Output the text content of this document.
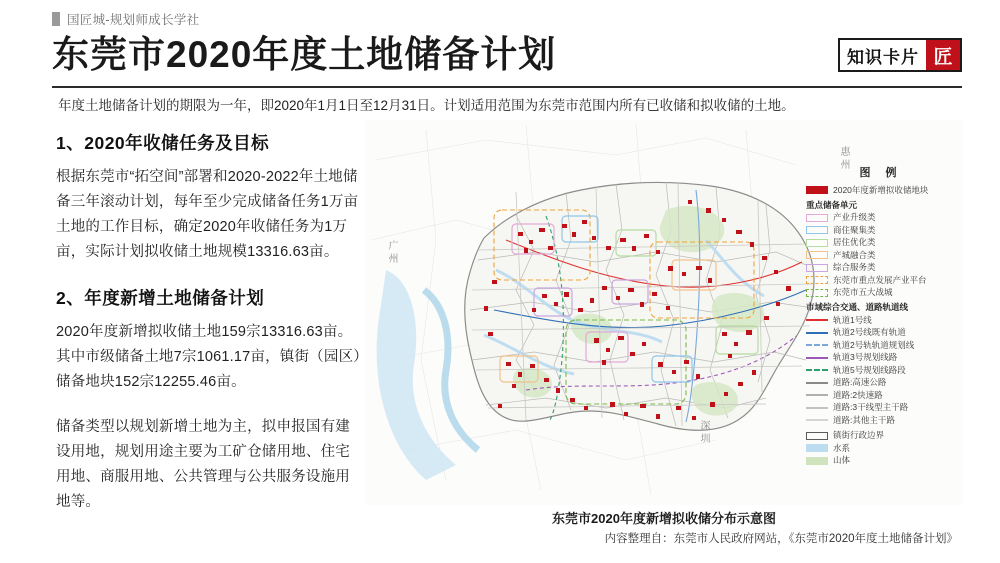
国匠城-规划师成长学社
东莞市2020年度土地储备计划	知识卡片 匠
年度土地储备计划的期限为一年，即2020年1月1日至12月31日。计划适用范围为东莞市范围内所有已收储和拟收储的土地。
1、2020年收储任务及目标

根据东莞市“拓空间”部署和2020-2022年土地储备三年滚动计划，每年至少完成储备任务1万亩土地的工作目标，确定2020年收储任务为1万亩，实际计划拟收储土地规模13316.63亩。

2、年度新增土地储备计划

2020年度新增拟收储土地159宗13316.63亩。其中市级储备土地7宗1061.17亩，镇街（园区）储备地块152宗12255.46亩。

储备类型以规划新增土地为主，拟申报国有建设用地，规划用途主要为工矿仓储用地、住宅用地、商服用地、公共管理与公共服务设施用地等。

惠州
广州
深圳
图 例
2020年度新增拟收储地块
重点储备单元
产业升级类
商住聚集类
居住优化类
产城融合类
综合服务类
东莞市重点发展产业平台
东莞市五大战城
市域综合交通、道路轨道线
轨道1号线
轨道2号线既有轨道
轨道2号轨轨道规划线
轨道3号规划线路
轨道5号规划线路段
道路:高速公路
道路:2快速路
道路:3干线型主干路
道路:其他主干路
镇街行政边界
水系
山体
东莞市2020年度新增拟收储分布示意图
内容整理自：东莞市人民政府网站，《东莞市2020年度土地储备计划》
